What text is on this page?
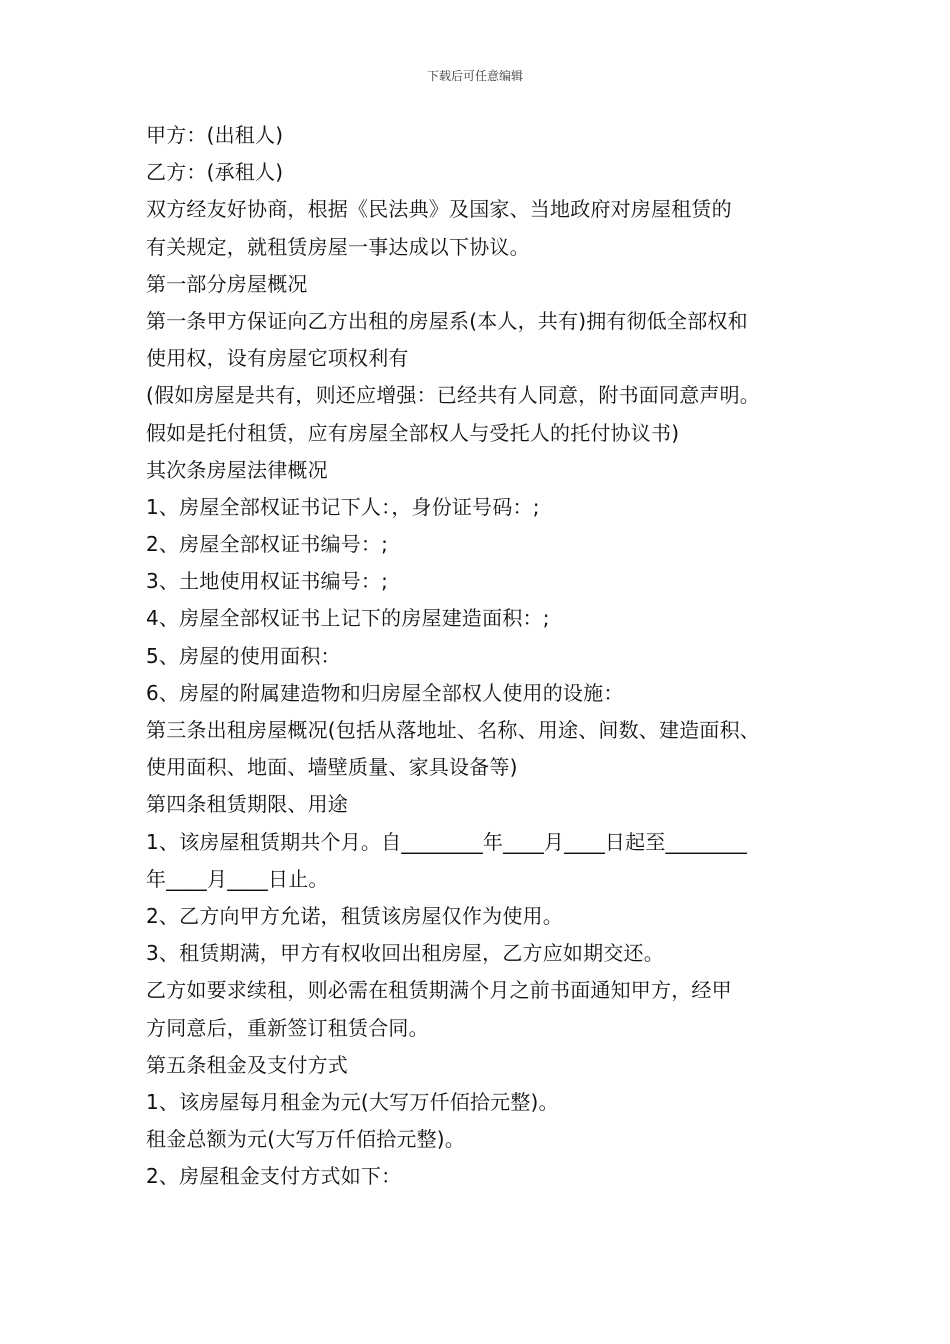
下载后可任意编辑
甲方：(出租人)
乙方：(承租人)
双方经友好协商，根据《民法典》及国家、当地政府对房屋租赁的
有关规定，就租赁房屋一事达成以下协议。
第一部分房屋概况
第一条甲方保证向乙方出租的房屋系(本人，共有)拥有彻低全部权和
使用权，设有房屋它项权利有
(假如房屋是共有，则还应增强：已经共有人同意，附书面同意声明。
假如是托付租赁，应有房屋全部权人与受托人的托付协议书)
其次条房屋法律概况
1、房屋全部权证书记下人：，身份证号码：;
2、房屋全部权证书编号：;
3、土地使用权证书编号：;
4、房屋全部权证书上记下的房屋建造面积：;
5、房屋的使用面积：
6、房屋的附属建造物和归房屋全部权人使用的设施：
第三条出租房屋概况(包括从落地址、名称、用途、间数、建造面积、
使用面积、地面、墙壁质量、家具设备等)
第四条租赁期限、用途
1、该房屋租赁期共个月。自________年____月____日起至________
年____月____日止。
2、乙方向甲方允诺，租赁该房屋仅作为使用。
3、租赁期满，甲方有权收回出租房屋，乙方应如期交还。
乙方如要求续租，则必需在租赁期满个月之前书面通知甲方，经甲
方同意后，重新签订租赁合同。
第五条租金及支付方式
1、该房屋每月租金为元(大写万仟佰拾元整)。
租金总额为元(大写万仟佰拾元整)。
2、房屋租金支付方式如下：
